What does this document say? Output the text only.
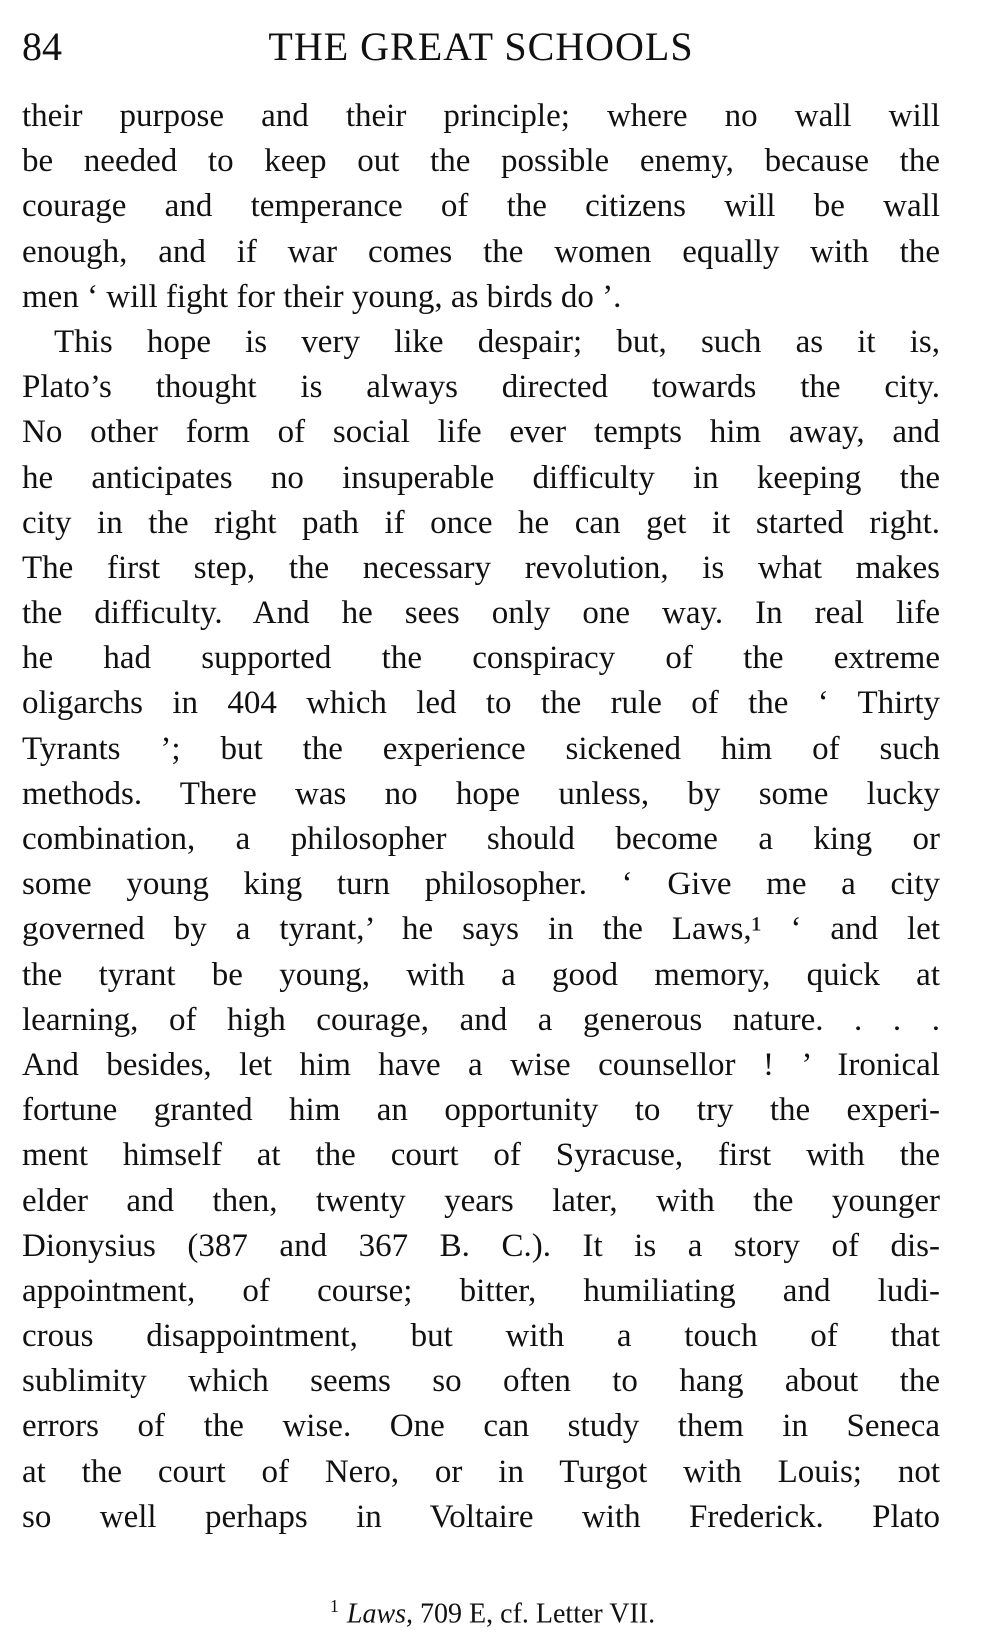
84	THE GREAT SCHOOLS
their purpose and their principle; where no wall will
be needed to keep out the possible enemy, because the
courage and temperance of the citizens will be wall
enough, and if war comes the women equally with the
men ‘ will fight for their young, as birds do ’.
This hope is very like despair; but, such as it is,
Plato’s thought is always directed towards the city.
No other form of social life ever tempts him away, and
he anticipates no insuperable difficulty in keeping the
city in the right path if once he can get it started right.
The first step, the necessary revolution, is what makes
the difficulty. And he sees only one way. In real life
he had supported the conspiracy of the extreme
oligarchs in 404 which led to the rule of the ‘ Thirty
Tyrants ’; but the experience sickened him of such
methods. There was no hope unless, by some lucky
combination, a philosopher should become a king or
some young king turn philosopher. ‘ Give me a city
governed by a tyrant,’ he says in the Laws,¹ ‘ and let
the tyrant be young, with a good memory, quick at
learning, of high courage, and a generous nature. . . .
And besides, let him have a wise counsellor ! ’ Ironical
fortune granted him an opportunity to try the experi-
ment himself at the court of Syracuse, first with the
elder and then, twenty years later, with the younger
Dionysius (387 and 367 B. C.). It is a story of dis-
appointment, of course; bitter, humiliating and ludi-
crous disappointment, but with a touch of that
sublimity which seems so often to hang about the
errors of the wise. One can study them in Seneca
at the court of Nero, or in Turgot with Louis; not
so well perhaps in Voltaire with Frederick. Plato
$^1$ Laws, 709 E, cf. Letter VII.
